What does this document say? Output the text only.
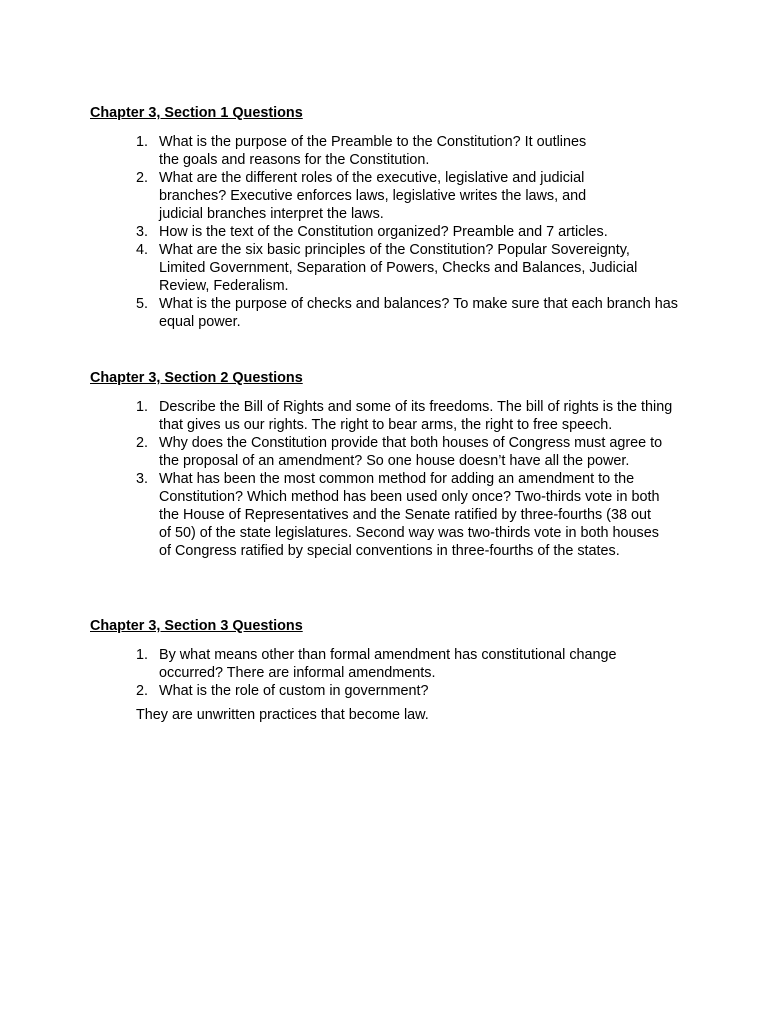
Chapter 3, Section 1 Questions
1. What is the purpose of the Preamble to the Constitution? It outlines the goals and reasons for the Constitution.
2. What are the different roles of the executive, legislative and judicial branches? Executive enforces laws, legislative writes the laws, and judicial branches interpret the laws.
3. How is the text of the Constitution organized? Preamble and 7 articles.
4. What are the six basic principles of the Constitution? Popular Sovereignty, Limited Government, Separation of Powers, Checks and Balances, Judicial Review, Federalism.
5. What is the purpose of checks and balances? To make sure that each branch has equal power.
Chapter 3, Section 2 Questions
1. Describe the Bill of Rights and some of its freedoms. The bill of rights is the thing that gives us our rights. The right to bear arms, the right to free speech.
2. Why does the Constitution provide that both houses of Congress must agree to the proposal of an amendment? So one house doesn’t have all the power.
3. What has been the most common method for adding an amendment to the Constitution? Which method has been used only once? Two-thirds vote in both the House of Representatives and the Senate ratified by three-fourths (38 out of 50) of the state legislatures. Second way was two-thirds vote in both houses of Congress ratified by special conventions in three-fourths of the states.
Chapter 3, Section 3 Questions
1. By what means other than formal amendment has constitutional change occurred? There are informal amendments.
2. What is the role of custom in government?

They are unwritten practices that become law.
